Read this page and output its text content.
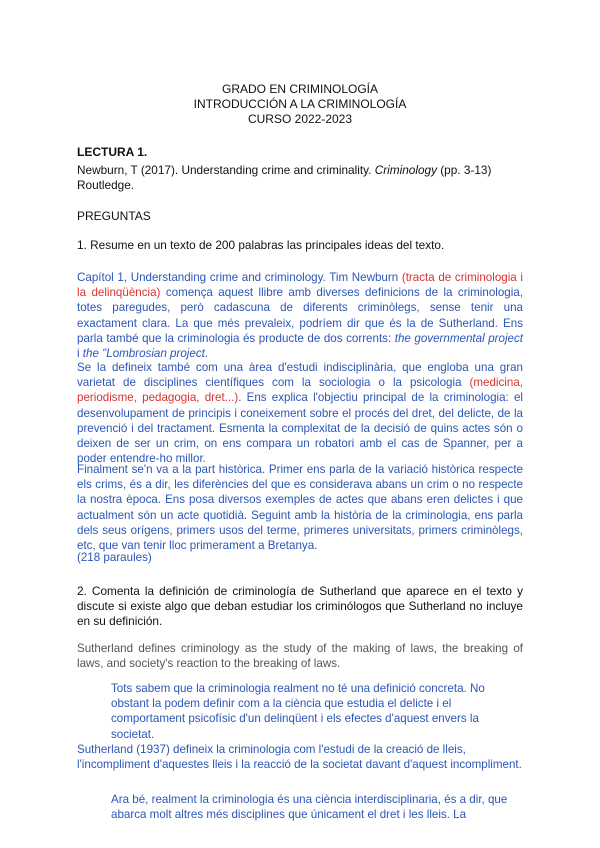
GRADO EN CRIMINOLOGÍA
INTRODUCCIÓN A LA CRIMINOLOGÍA
CURSO 2022-2023
LECTURA 1.
Newburn, T (2017). Understanding crime and criminality. Criminology (pp. 3-13) Routledge.
PREGUNTAS
1. Resume en un texto de 200 palabras las principales ideas del texto.
Capítol 1, Understanding crime and criminology. Tim Newburn (tracta de criminologia i la delinqüència) comença aquest llibre amb diverses definicions de la criminologia, totes paregudes, però cadascuna de diferents criminòlegs, sense tenir una exactament clara. La que més prevaleix, podríem dir que és la de Sutherland. Ens parla també que la criminologia és producte de dos corrents: the governmental project i the "Lombrosian project.
Se la defineix també com una àrea d'estudi indisciplinària, que engloba una gran varietat de disciplines científiques com la sociologia o la psicologia (medicina, periodisme, pedagogia, dret...). Ens explica l'objectiu principal de la criminologia: el desenvolupament de principis i coneixement sobre el procés del dret, del delicte, de la prevenció i del tractament. Esmenta la complexitat de la decisió de quins actes són o deixen de ser un crim, on ens compara un robatori amb el cas de Spanner, per a poder entendre-ho millor.
Finalment se'n va a la part històrica. Primer ens parla de la variació històrica respecte els crims, és a dir, les diferències del que es considerava abans un crim o no respecte la nostra època. Ens posa diversos exemples de actes que abans eren delictes i que actualment són un acte quotidià. Seguint amb la història de la criminologia, ens parla dels seus orígens, primers usos del terme, primeres universitats, primers criminòlegs, etc, que van tenir lloc primerament a Bretanya.
(218 paraules)
2. Comenta la definición de criminología de Sutherland que aparece en el texto y discute si existe algo que deban estudiar los criminólogos que Sutherland no incluye en su definición.
Sutherland defines criminology as the study of the making of laws, the breaking of laws, and society's reaction to the breaking of laws.
Tots sabem que la criminologia realment no té una definició concreta. No obstant la podem definir com a la ciència que estudia el delicte i el comportament psicofísic d'un delinqüent i els efectes d'aquest envers la societat.
Sutherland (1937) defineix la criminologia com l'estudi de la creació de lleis, l'incompliment d'aquestes lleis i la reacció de la societat davant d'aquest incompliment.
Ara bé, realment la criminologia és una ciència interdisciplinaria, és a dir, que abarca molt altres més disciplines que únicament el dret i les lleis. La
